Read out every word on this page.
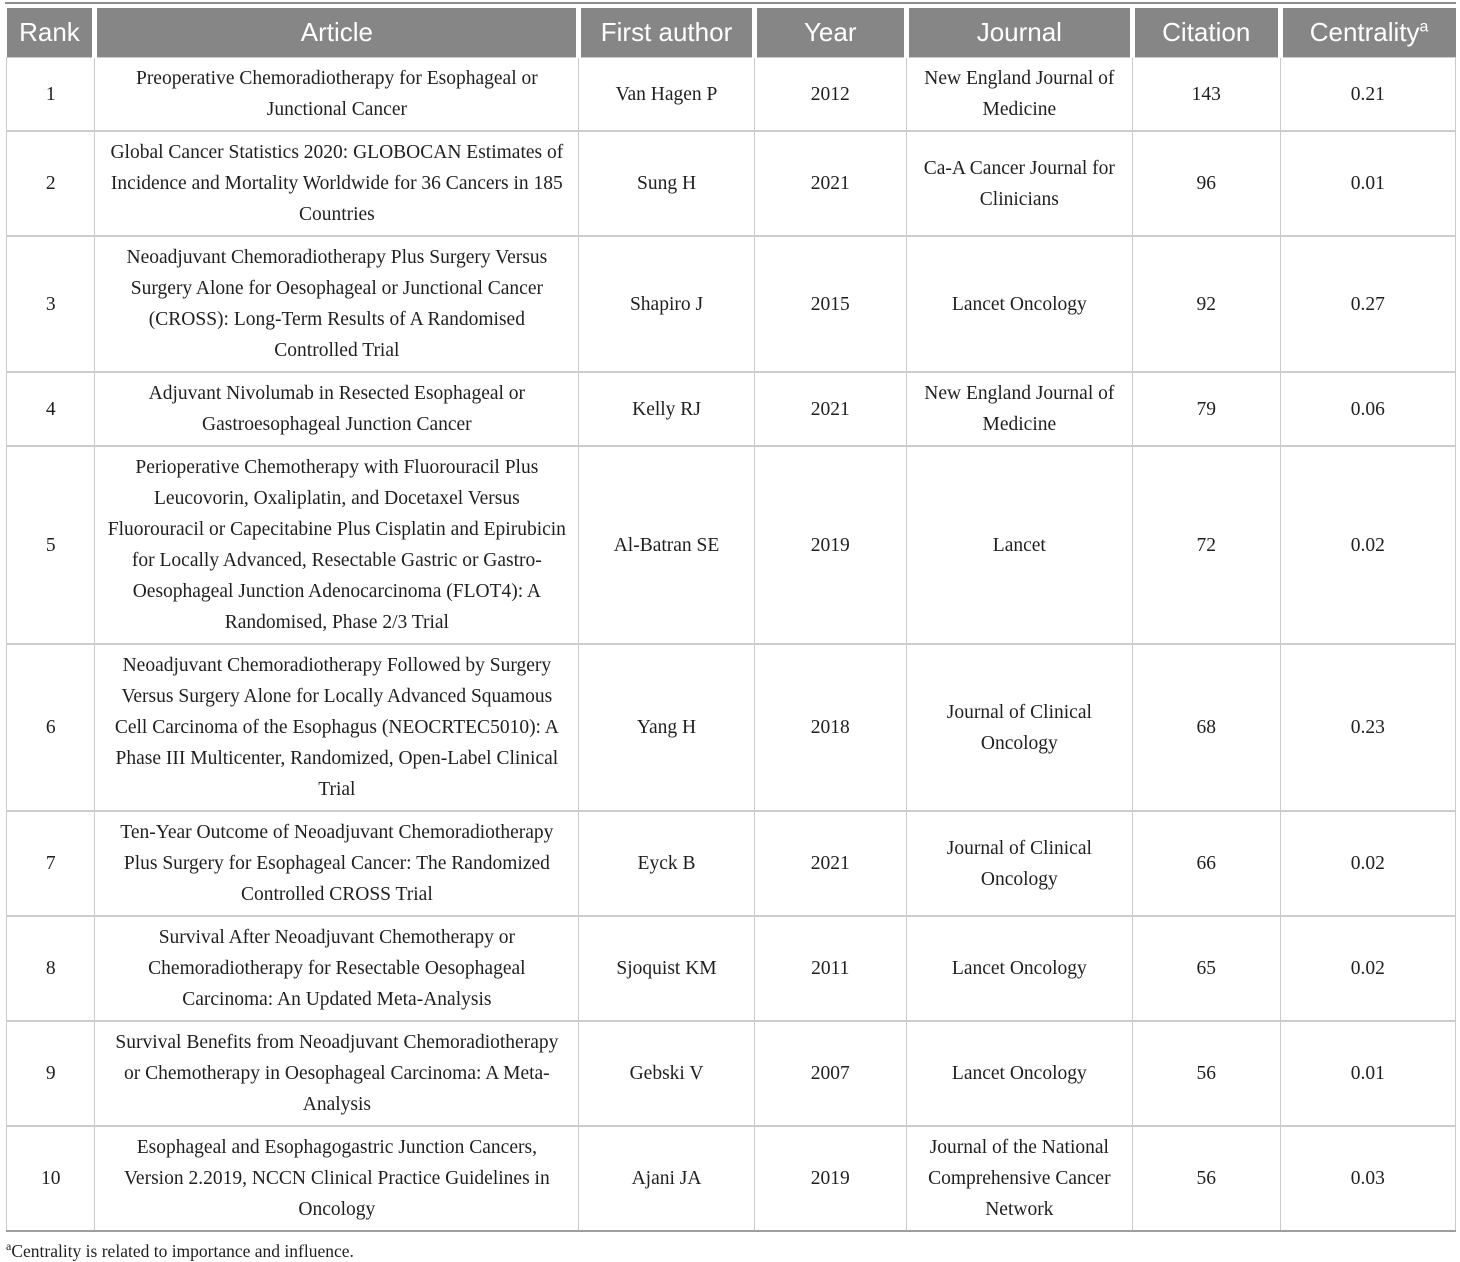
Rank	Article	First author	Year	Journal	Citation	Centrality$^a$
1	Preoperative Chemoradiotherapy for Esophageal or Junctional Cancer	Van Hagen P	2012	New England Journal of Medicine	143	0.21
2	Global Cancer Statistics 2020: GLOBOCAN Estimates of Incidence and Mortality Worldwide for 36 Cancers in 185 Countries	Sung H	2021	Ca-A Cancer Journal for Clinicians	96	0.01
3	Neoadjuvant Chemoradiotherapy Plus Surgery Versus Surgery Alone for Oesophageal or Junctional Cancer (CROSS): Long-Term Results of A Randomised Controlled Trial	Shapiro J	2015	Lancet Oncology	92	0.27
4	Adjuvant Nivolumab in Resected Esophageal or Gastroesophageal Junction Cancer	Kelly RJ	2021	New England Journal of Medicine	79	0.06
5	Perioperative Chemotherapy with Fluorouracil Plus Leucovorin, Oxaliplatin, and Docetaxel Versus Fluorouracil or Capecitabine Plus Cisplatin and Epirubicin for Locally Advanced, Resectable Gastric or Gastro-Oesophageal Junction Adenocarcinoma (FLOT4): A Randomised, Phase 2/3 Trial	Al-Batran SE	2019	Lancet	72	0.02
6	Neoadjuvant Chemoradiotherapy Followed by Surgery Versus Surgery Alone for Locally Advanced Squamous Cell Carcinoma of the Esophagus (NEOCRTEC5010): A Phase III Multicenter, Randomized, Open-Label Clinical Trial	Yang H	2018	Journal of Clinical Oncology	68	0.23
7	Ten-Year Outcome of Neoadjuvant Chemoradiotherapy Plus Surgery for Esophageal Cancer: The Randomized Controlled CROSS Trial	Eyck B	2021	Journal of Clinical Oncology	66	0.02
8	Survival After Neoadjuvant Chemotherapy or Chemoradiotherapy for Resectable Oesophageal Carcinoma: An Updated Meta-Analysis	Sjoquist KM	2011	Lancet Oncology	65	0.02
9	Survival Benefits from Neoadjuvant Chemoradiotherapy or Chemotherapy in Oesophageal Carcinoma: A Meta-Analysis	Gebski V	2007	Lancet Oncology	56	0.01
10	Esophageal and Esophagogastric Junction Cancers, Version 2.2019, NCCN Clinical Practice Guidelines in Oncology	Ajani JA	2019	Journal of the National Comprehensive Cancer Network	56	0.03

$^a$Centrality is related to importance and influence.
